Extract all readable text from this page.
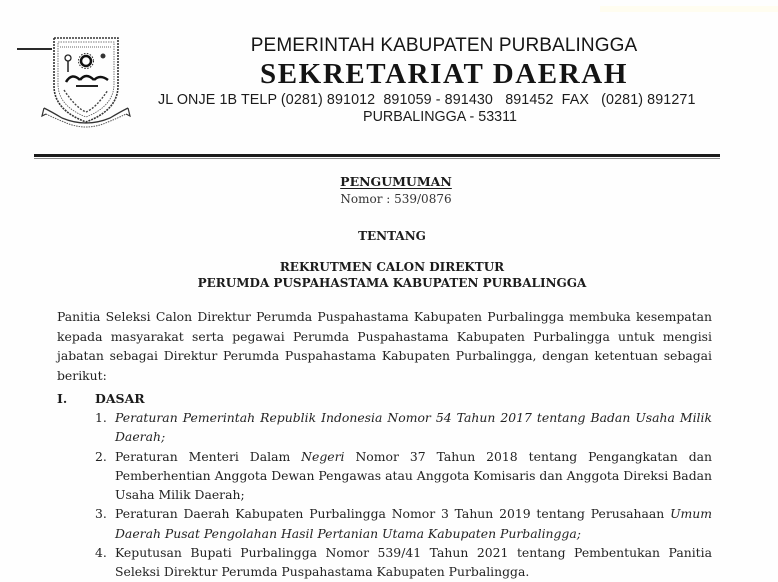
PEMERINTAH KABUPATEN PURBALINGGA
SEKRETARIAT DAERAH
JL ONJE 1B TELP (0281) 891012  891059 - 891430   891452  FAX   (0281) 891271
PURBALINGGA - 53311
PENGUMUMAN
Nomor : 539/0876
TENTANG
REKRUTMEN CALON DIREKTUR
PERUMDA PUSPAHASTAMA KABUPATEN PURBALINGGA

Panitia Seleksi Calon Direktur Perumda Puspahastama Kabupaten Purbalingga membuka kesempatan kepada masyarakat serta pegawai Perumda Puspahastama Kabupaten Purbalingga untuk mengisi jabatan sebagai Direktur Perumda Puspahastama Kabupaten Purbalingga, dengan ketentuan sebagai berikut:

I. DASAR
1. Peraturan Pemerintah Republik Indonesia Nomor 54 Tahun 2017 tentang Badan Usaha Milik Daerah;
2. Peraturan Menteri Dalam Negeri Nomor 37 Tahun 2018 tentang Pengangkatan dan Pemberhentian Anggota Dewan Pengawas atau Anggota Komisaris dan Anggota Direksi Badan Usaha Milik Daerah;
3. Peraturan Daerah Kabupaten Purbalingga Nomor 3 Tahun 2019 tentang Perusahaan Umum Daerah Pusat Pengolahan Hasil Pertanian Utama Kabupaten Purbalingga;
4. Keputusan Bupati Purbalingga Nomor 539/41 Tahun 2021 tentang Pembentukan Panitia Seleksi Direktur Perumda Puspahastama Kabupaten Purbalingga.
